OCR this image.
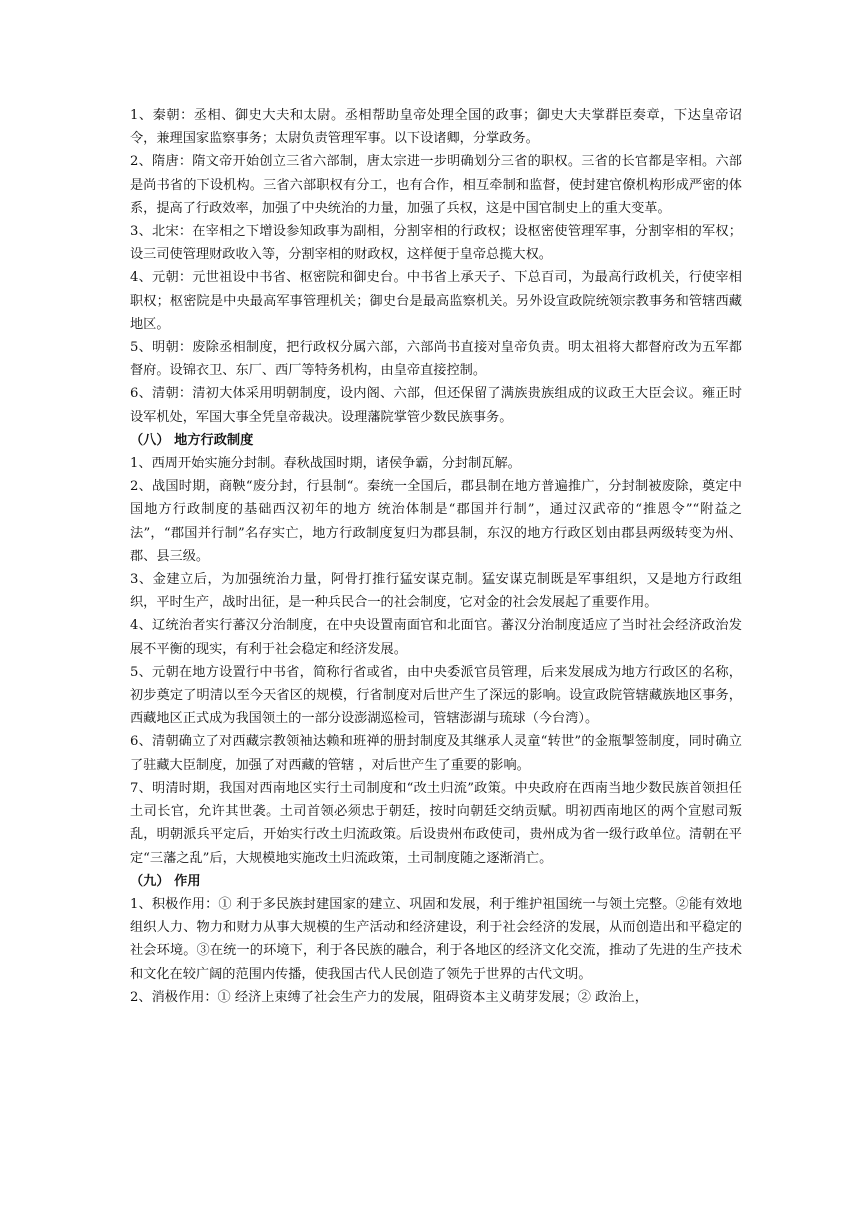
1、秦朝：丞相、御史大夫和太尉。丞相帮助皇帝处理全国的政事；御史大夫掌群臣奏章，下达皇帝诏令，兼理国家监察事务；太尉负责管理军事。以下设诸卿，分掌政务。

2、隋唐：隋文帝开始创立三省六部制，唐太宗进一步明确划分三省的职权。三省的长官都是宰相。六部是尚书省的下设机构。三省六部职权有分工，也有合作，相互牵制和监督，使封建官僚机构形成严密的体系，提高了行政效率，加强了中央统治的力量，加强了兵权，这是中国官制史上的重大变革。

3、北宋：在宰相之下增设参知政事为副相，分割宰相的行政权；设枢密使管理军事，分割宰相的军权；设三司使管理财政收入等，分割宰相的财政权，这样便于皇帝总揽大权。

4、元朝：元世祖设中书省、枢密院和御史台。中书省上承天子、下总百司，为最高行政机关，行使宰相职权；枢密院是中央最高军事管理机关；御史台是最高监察机关。另外设宣政院统领宗教事务和管辖西藏地区。

5、明朝：废除丞相制度，把行政权分属六部，六部尚书直接对皇帝负责。明太祖将大都督府改为五军都督府。设锦衣卫、东厂、西厂等特务机构，由皇帝直接控制。

6、清朝：清初大体采用明朝制度，设内阁、六部，但还保留了满族贵族组成的议政王大臣会议。雍正时设军机处，军国大事全凭皇帝裁决。设理藩院掌管少数民族事务。

（八） 地方行政制度

1、西周开始实施分封制。春秋战国时期，诸侯争霸，分封制瓦解。

2、战国时期，商鞅“废分封，行县制“。秦统一全国后，郡县制在地方普遍推广，分封制被废除，奠定中国地方行政制度的基础西汉初年的地方 统治体制是“郡国并行制”，通过汉武帝的“推恩令”“附益之法”，“郡国并行制”名存实亡，地方行政制度复归为郡县制，东汉的地方行政区划由郡县两级转变为州、郡、县三级。

3、金建立后，为加强统治力量，阿骨打推行猛安谋克制。猛安谋克制既是军事组织，又是地方行政组织，平时生产，战时出征，是一种兵民合一的社会制度，它对金的社会发展起了重要作用。

4、辽统治者实行蕃汉分治制度，在中央设置南面官和北面官。蕃汉分治制度适应了当时社会经济政治发展不平衡的现实，有利于社会稳定和经济发展。

5、元朝在地方设置行中书省，简称行省或省，由中央委派官员管理，后来发展成为地方行政区的名称，初步奠定了明清以至今天省区的规模，行省制度对后世产生了深远的影响。设宣政院管辖藏族地区事务，西藏地区正式成为我国领土的一部分设澎湖巡检司，管辖澎湖与琉球（今台湾）。

6、清朝确立了对西藏宗教领袖达赖和班禅的册封制度及其继承人灵童“转世”的金瓶掣签制度，同时确立了驻藏大臣制度，加强了对西藏的管辖 ，对后世产生了重要的影响。

7、明清时期，我国对西南地区实行土司制度和“改土归流”政策。中央政府在西南当地少数民族首领担任土司长官，允许其世袭。土司首领必须忠于朝廷，按时向朝廷交纳贡赋。明初西南地区的两个宣慰司叛乱，明朝派兵平定后，开始实行改土归流政策。后设贵州布政使司，贵州成为省一级行政单位。清朝在平定“三藩之乱”后，大规模地实施改土归流政策，土司制度随之逐渐消亡。

（九） 作用

1、积极作用：① 利于多民族封建国家的建立、巩固和发展，利于维护祖国统一与领土完整。②能有效地组织人力、物力和财力从事大规模的生产活动和经济建设，利于社会经济的发展，从而创造出和平稳定的社会环境。③在统一的环境下，利于各民族的融合，利于各地区的经济文化交流，推动了先进的生产技术和文化在较广阔的范围内传播，使我国古代人民创造了领先于世界的古代文明。

2、消极作用：① 经济上束缚了社会生产力的发展，阻碍资本主义萌芽发展；② 政治上，
